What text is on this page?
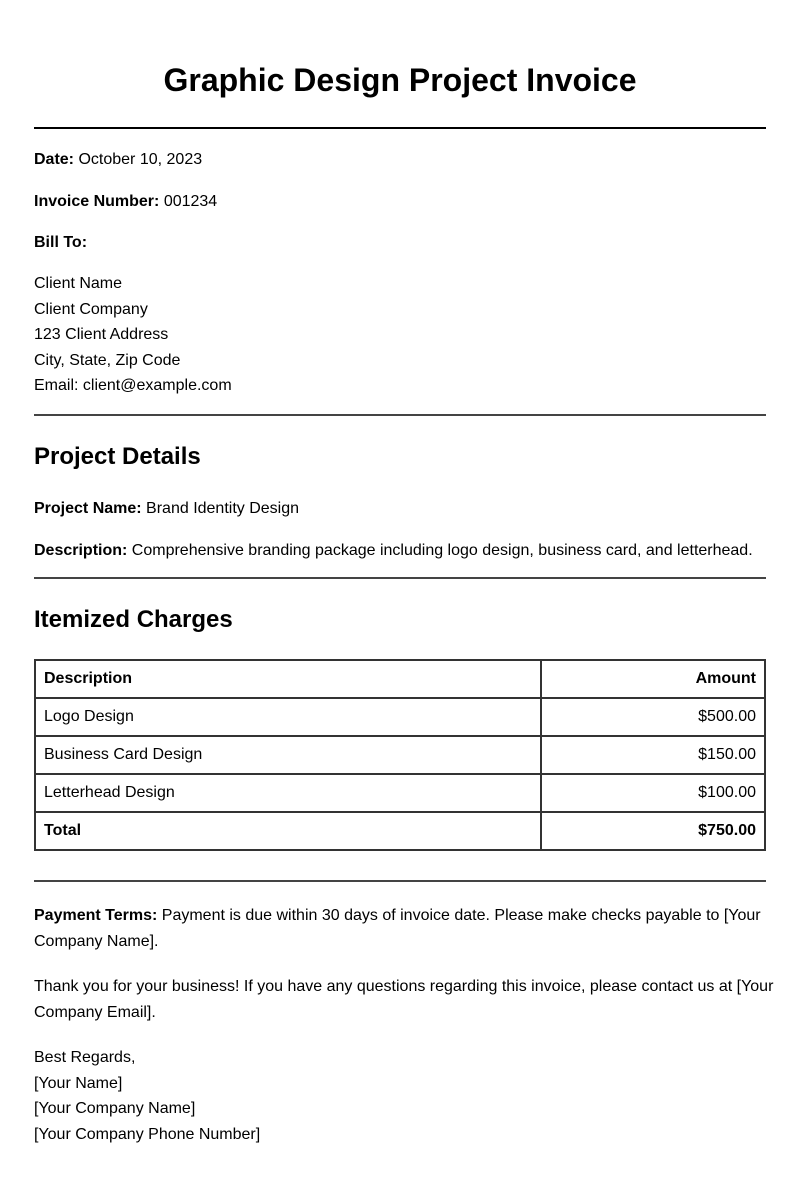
Graphic Design Project Invoice
Date: October 10, 2023
Invoice Number: 001234
Bill To:
Client Name
Client Company
123 Client Address
City, State, Zip Code
Email: client@example.com
Project Details
Project Name: Brand Identity Design
Description: Comprehensive branding package including logo design, business card, and letterhead.
Itemized Charges
Description	Amount
Logo Design	$500.00
Business Card Design	$150.00
Letterhead Design	$100.00
Total	$750.00
Payment Terms: Payment is due within 30 days of invoice date. Please make checks payable to [Your Company Name].
Thank you for your business! If you have any questions regarding this invoice, please contact us at [Your Company Email].
Best Regards,
[Your Name]
[Your Company Name]
[Your Company Phone Number]
